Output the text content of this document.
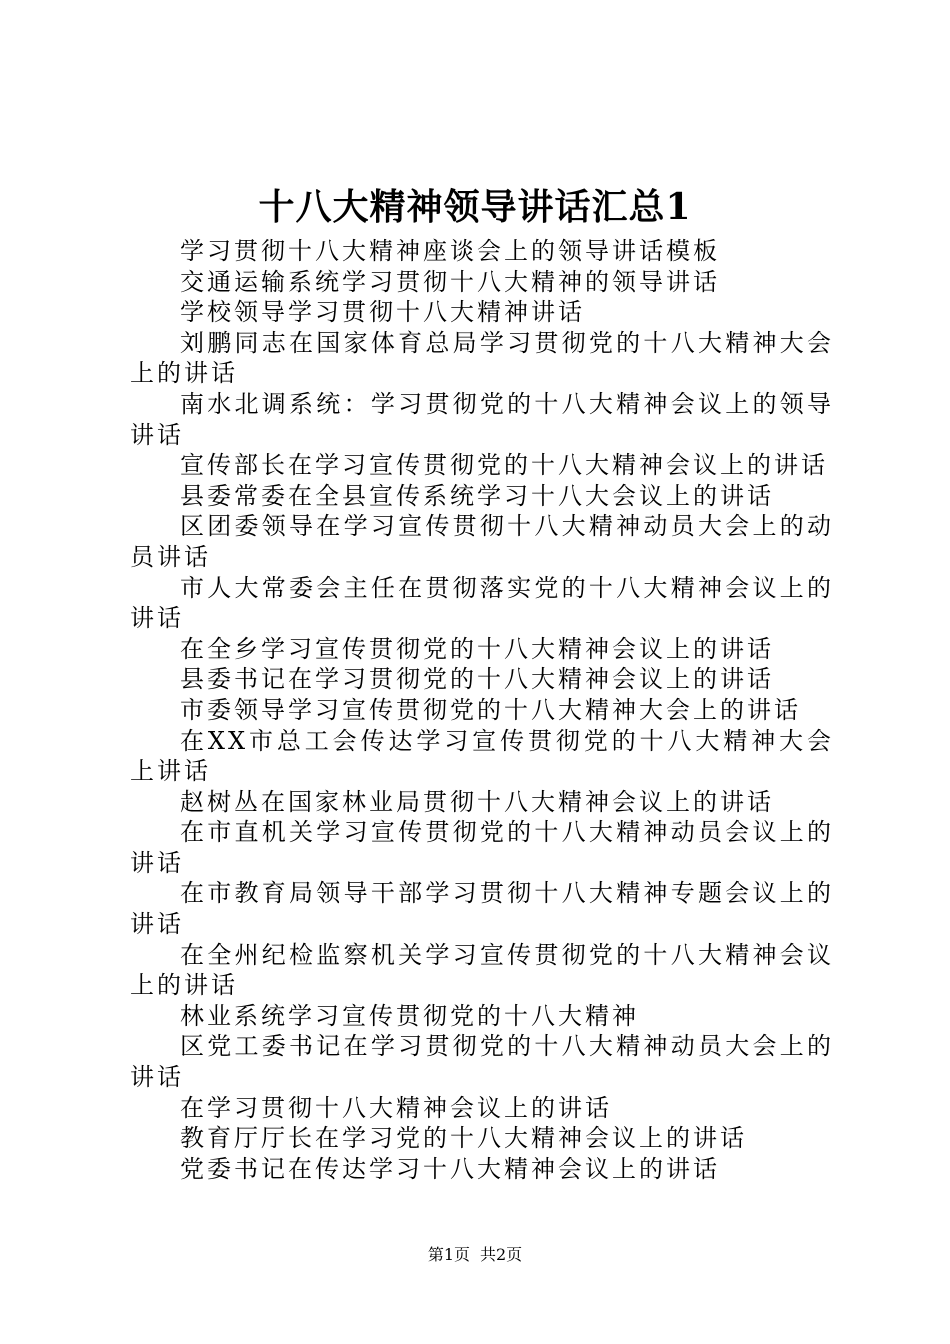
十八大精神领导讲话汇总1
学习贯彻十八大精神座谈会上的领导讲话模板
交通运输系统学习贯彻十八大精神的领导讲话
学校领导学习贯彻十八大精神讲话
刘鹏同志在国家体育总局学习贯彻党的十八大精神大会上的讲话
南水北调系统：学习贯彻党的十八大精神会议上的领导讲话
宣传部长在学习宣传贯彻党的十八大精神会议上的讲话
县委常委在全县宣传系统学习十八大会议上的讲话
区团委领导在学习宣传贯彻十八大精神动员大会上的动员讲话
市人大常委会主任在贯彻落实党的十八大精神会议上的讲话
在全乡学习宣传贯彻党的十八大精神会议上的讲话
县委书记在学习贯彻党的十八大精神会议上的讲话
市委领导学习宣传贯彻党的十八大精神大会上的讲话
在XX市总工会传达学习宣传贯彻党的十八大精神大会上讲话
赵树丛在国家林业局贯彻十八大精神会议上的讲话
在市直机关学习宣传贯彻党的十八大精神动员会议上的讲话
在市教育局领导干部学习贯彻十八大精神专题会议上的讲话
在全州纪检监察机关学习宣传贯彻党的十八大精神会议上的讲话
林业系统学习宣传贯彻党的十八大精神
区党工委书记在学习贯彻党的十八大精神动员大会上的讲话
在学习贯彻十八大精神会议上的讲话
教育厅厅长在学习党的十八大精神会议上的讲话
党委书记在传达学习十八大精神会议上的讲话
第1页 共2页
